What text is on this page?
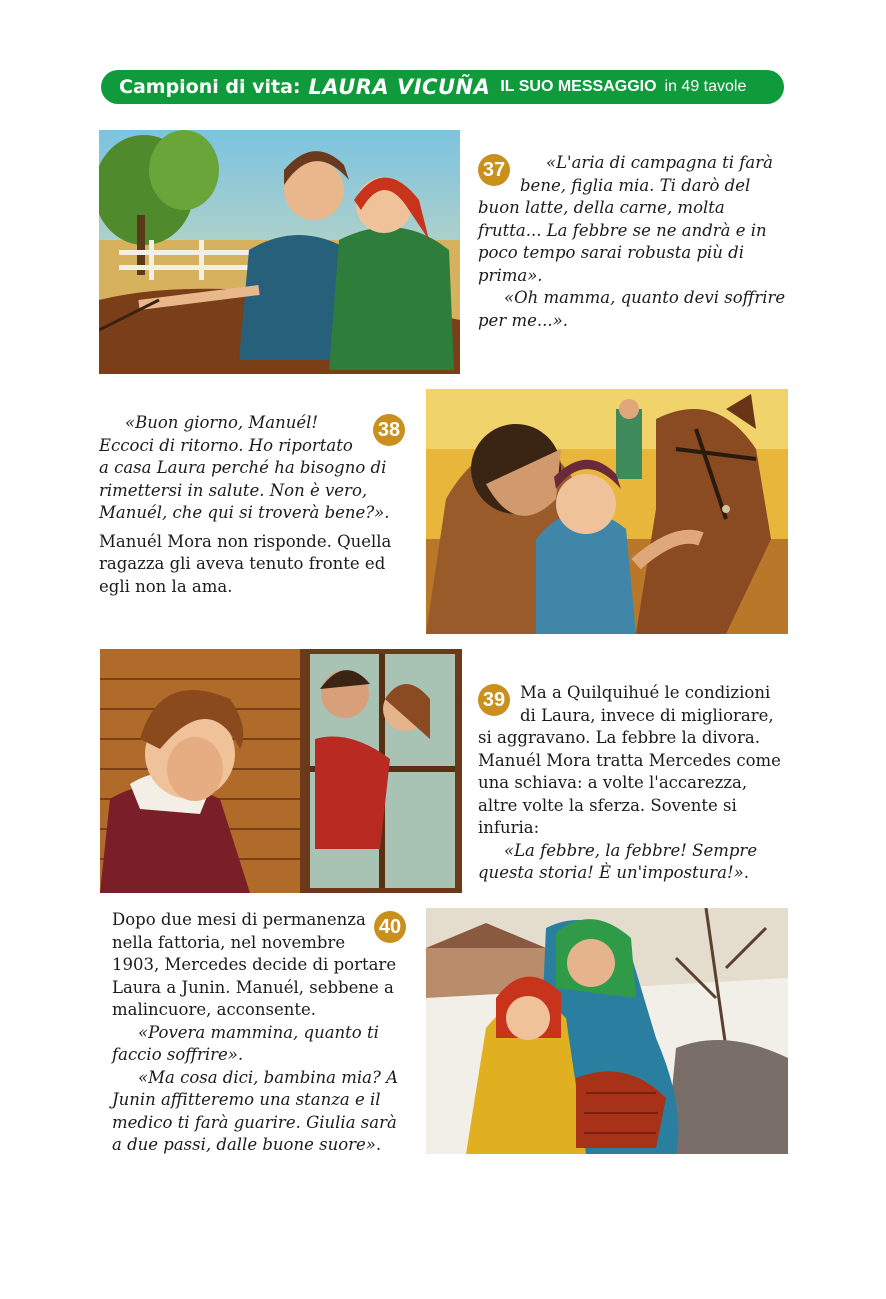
Campioni di vita: LAURA VICUÑA IL SUO MESSAGGIO in 49 tavole
37	«L'aria di campagna ti farà bene, figlia mia. Ti darò del buon latte, della carne, molta frutta... La febbre se ne andrà e in poco tempo sarai robusta più di prima».

«Oh mamma, quanto devi soffrire per me...».

38

«Buon giorno, Manuél! Eccoci di ritorno. Ho riportato a casa Laura perché ha bisogno di rimettersi in salute. Non è vero, Manuél, che qui si troverà bene?».

Manuél Mora non risponde. Quella ragazza gli aveva tenuto fronte ed egli non la ama.

39 Ma a Quilquihué le condizioni di Laura, invece di migliorare, si aggravano. La febbre la divora. Manuél Mora tratta Mercedes come una schiava: a volte l'accarezza, altre volte la sferza. Sovente si infuria:

«La febbre, la febbre! Sempre questa storia! È un'impostura!».

40

Dopo due mesi di permanenza nella fattoria, nel novembre 1903, Mercedes decide di portare Laura a Junin. Manuél, sebbene a malincuore, acconsente.

«Povera mammina, quanto ti faccio soffrire».

«Ma cosa dici, bambina mia? A Junin affitteremo una stanza e il medico ti farà guarire. Giulia sarà a due passi, dalle buone suore».
